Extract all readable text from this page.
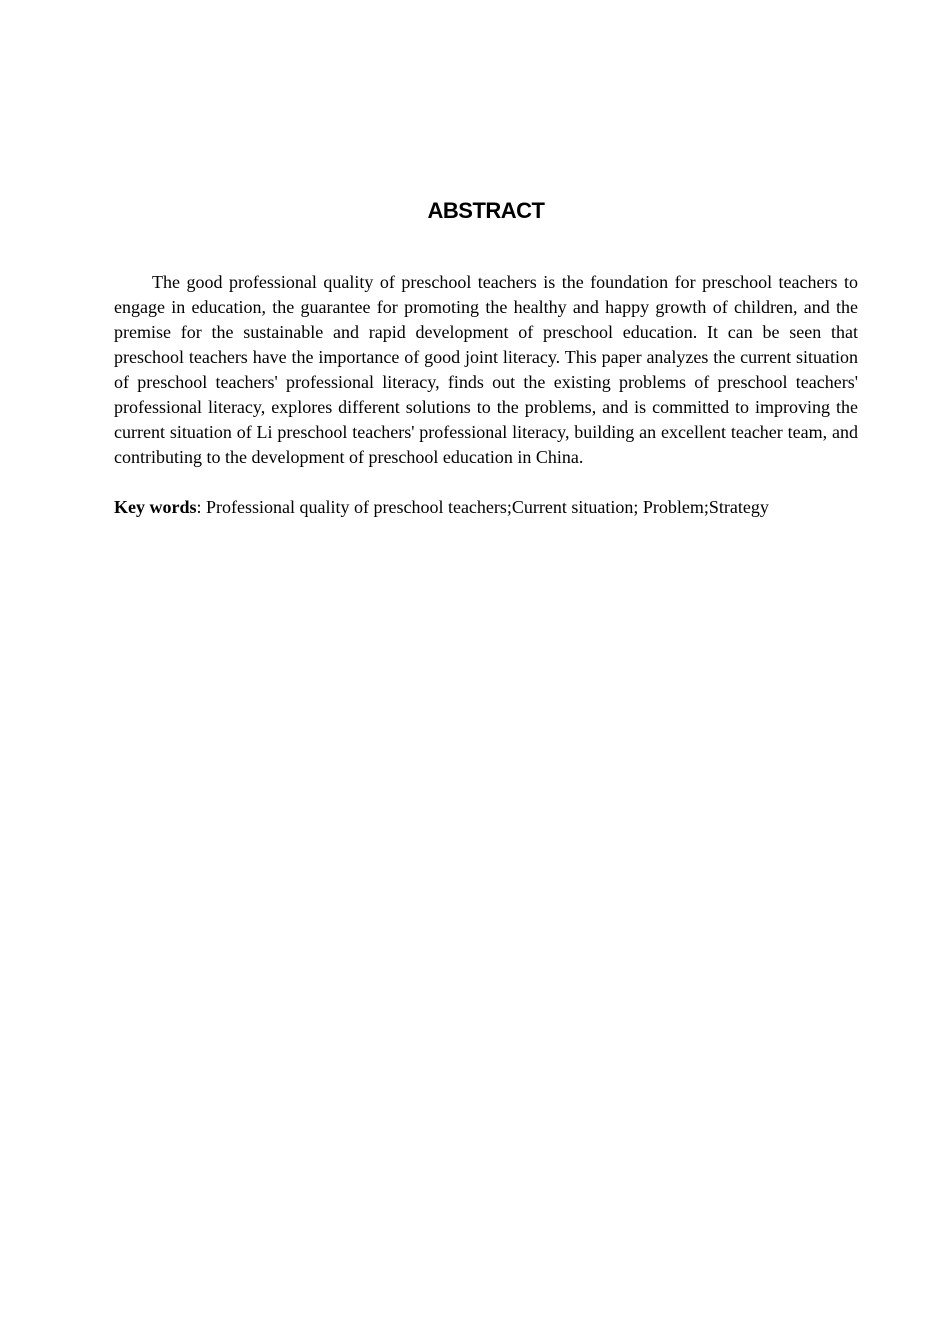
ABSTRACT

The good professional quality of preschool teachers is the foundation for preschool teachers to engage in education, the guarantee for promoting the healthy and happy growth of children, and the premise for the sustainable and rapid development of preschool education. It can be seen that preschool teachers have the importance of good joint literacy. This paper analyzes the current situation of preschool teachers' professional literacy, finds out the existing problems of preschool teachers' professional literacy, explores different solutions to the problems, and is committed to improving the current situation of Li preschool teachers' professional literacy, building an excellent teacher team, and contributing to the development of preschool education in China.

Key words: Professional quality of preschool teachers;Current situation; Problem;Strategy
